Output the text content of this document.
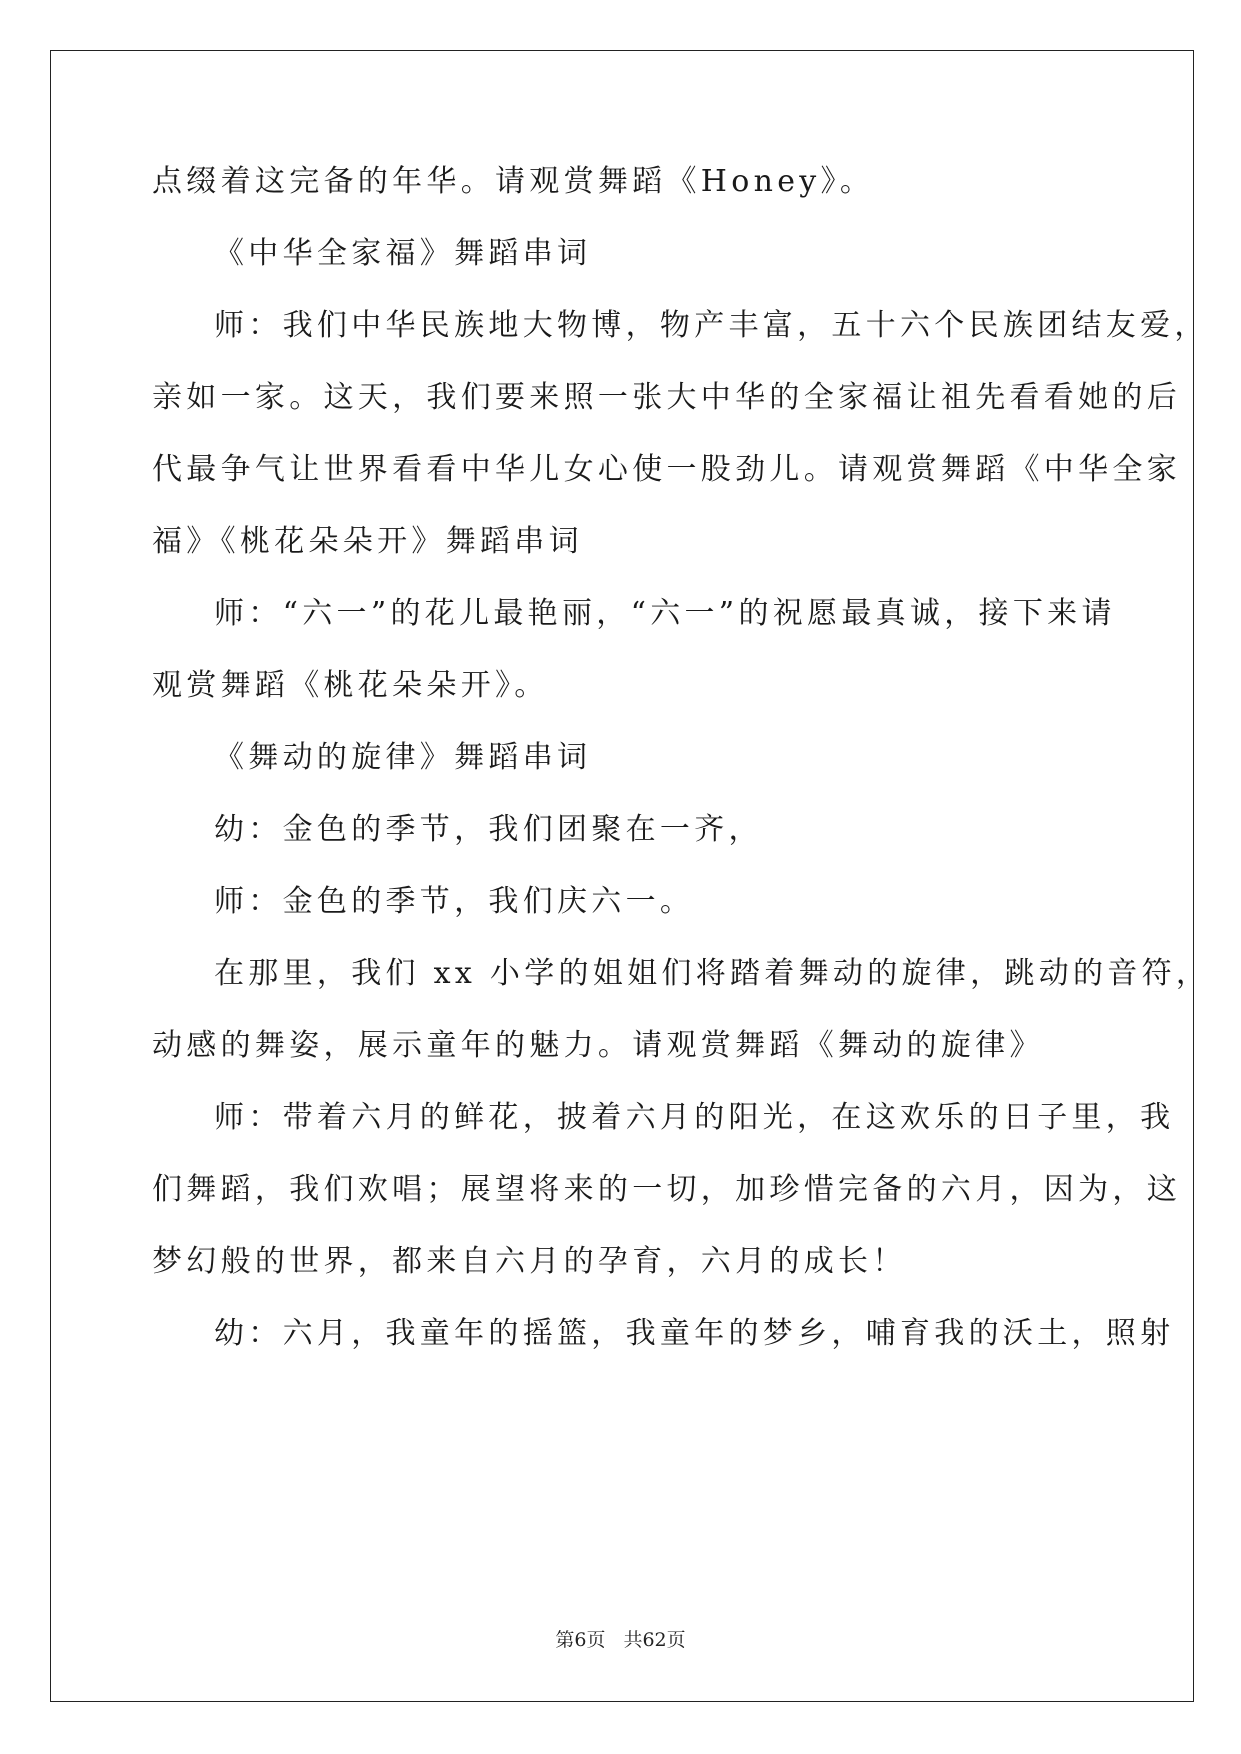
点缀着这完备的年华。请观赏舞蹈《Honey》。
《中华全家福》舞蹈串词
师：我们中华民族地大物博，物产丰富，五十六个民族团结友爱，
亲如一家。这天，我们要来照一张大中华的全家福让祖先看看她的后
代最争气让世界看看中华儿女心使一股劲儿。请观赏舞蹈《中华全家
福》《桃花朵朵开》舞蹈串词
师：“六一”的花儿最艳丽，“六一”的祝愿最真诚，接下来请
观赏舞蹈《桃花朵朵开》。
《舞动的旋律》舞蹈串词
幼：金色的季节，我们团聚在一齐，
师：金色的季节，我们庆六一。
在那里，我们 xx 小学的姐姐们将踏着舞动的旋律，跳动的音符，
动感的舞姿，展示童年的魅力。请观赏舞蹈《舞动的旋律》
师：带着六月的鲜花，披着六月的阳光，在这欢乐的日子里，我
们舞蹈，我们欢唱；展望将来的一切，加珍惜完备的六月，因为，这
梦幻般的世界，都来自六月的孕育，六月的成长！
幼：六月，我童年的摇篮，我童年的梦乡，哺育我的沃土，照射
第6页 共62页
